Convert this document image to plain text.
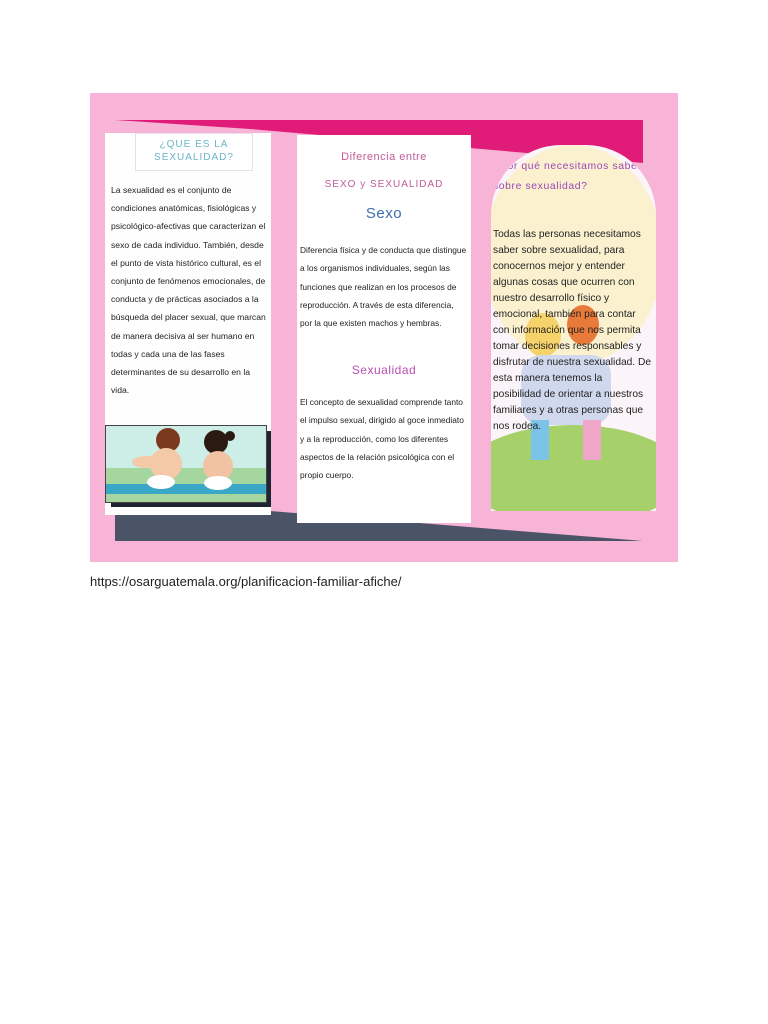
¿QUE ES LA
SEXUALIDAD?
La sexualidad es el conjunto de condiciones anatómicas, fisiológicas y psicológico-afectivas que caracterizan el sexo de cada individuo. También, desde el punto de vista histórico cultural, es el conjunto de fenómenos emocionales, de conducta y de prácticas asociados a la búsqueda del placer sexual, que marcan de manera decisiva al ser humano en todas y cada una de las fases determinantes de su desarrollo en la vida.
Diferencia entre
SEXO y SEXUALIDAD
Sexo
Diferencia física y de conducta que distingue a los organismos individuales, según las funciones que realizan en los procesos de reproducción. A través de esta diferencia, por la que existen machos y hembras.
Sexualidad
El concepto de sexualidad comprende tanto el impulso sexual, dirigido al goce inmediato y a la reproducción, como los diferentes aspectos de la relación psicológica con el propio cuerpo.
¿Por qué necesitamos saber sobre sexualidad?
Todas las personas necesitamos saber sobre sexualidad, para conocernos mejor y entender algunas cosas que ocurren con nuestro desarrollo físico y emocional, también para contar con información que nos permita tomar decisiones responsables y disfrutar de nuestra sexualidad. De esta manera tenemos la posibilidad de orientar a nuestros familiares y a otras personas que nos rodea.
https://osarguatemala.org/planificacion-familiar-afiche/
